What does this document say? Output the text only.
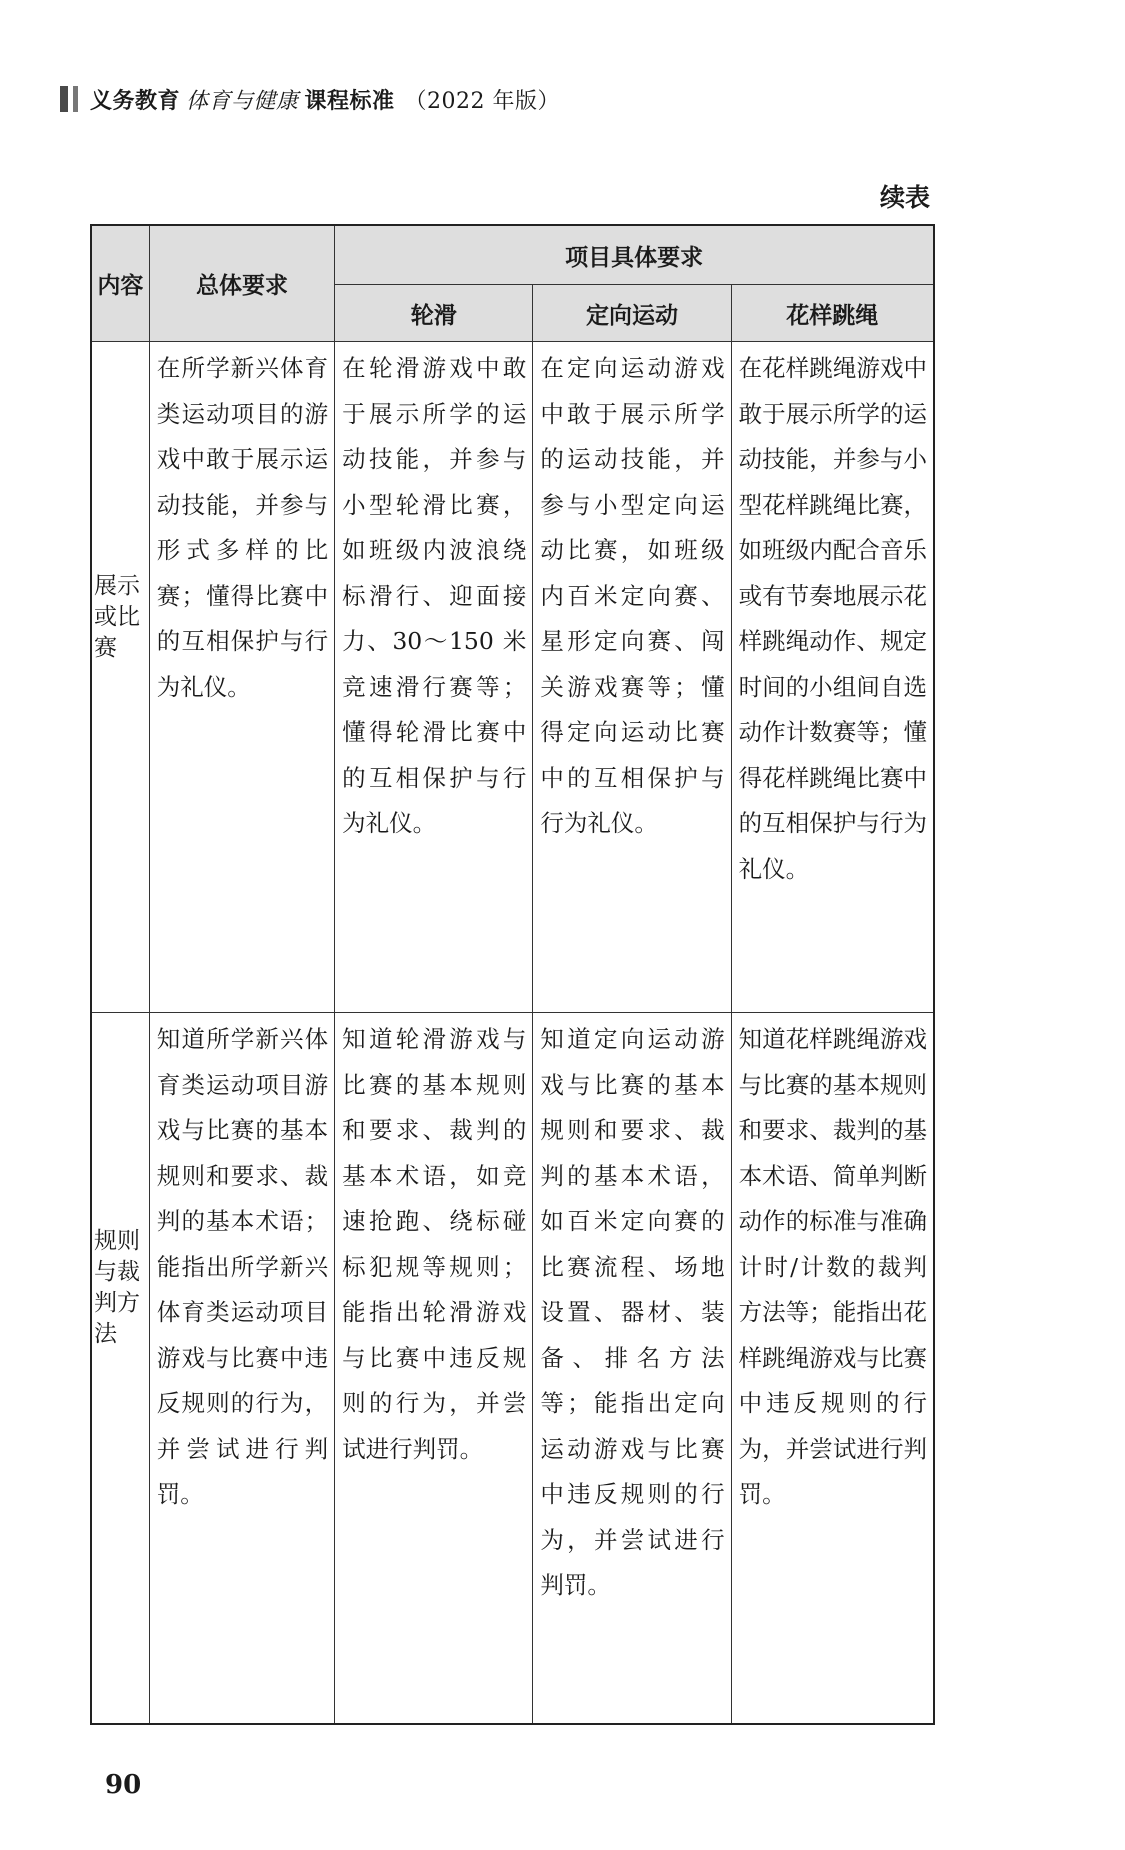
义务教育 体育与健康 课程标准 （2022 年版）
续表
内容	总体要求	项目具体要求		
		轮滑	定向运动	花样跳绳
展示或比赛	在所学新兴体育类运动项目的游戏中敢于展示运动技能，并参与形式多样的比赛；懂得比赛中的互相保护与行为礼仪。	在轮滑游戏中敢于展示所学的运动技能，并参与小型轮滑比赛，如班级内波浪绕标滑行、迎面接力、30～150 米竞速滑行赛等；懂得轮滑比赛中的互相保护与行为礼仪。	在定向运动游戏中敢于展示所学的运动技能，并参与小型定向运动比赛，如班级内百米定向赛、星形定向赛、闯关游戏赛等；懂得定向运动比赛中的互相保护与行为礼仪。	在花样跳绳游戏中敢于展示所学的运动技能，并参与小型花样跳绳比赛，如班级内配合音乐或有节奏地展示花样跳绳动作、规定时间的小组间自选动作计数赛等；懂得花样跳绳比赛中的互相保护与行为礼仪。
规则与裁判方法	知道所学新兴体育类运动项目游戏与比赛的基本规则和要求、裁判的基本术语；能指出所学新兴体育类运动项目游戏与比赛中违反规则的行为，并尝试进行判罚。	知道轮滑游戏与比赛的基本规则和要求、裁判的基本术语，如竞速抢跑、绕标碰标犯规等规则；能指出轮滑游戏与比赛中违反规则的行为，并尝试进行判罚。	知道定向运动游戏与比赛的基本规则和要求、裁判的基本术语，如百米定向赛的比赛流程、场地设置、器材、装备、排名方法等；能指出定向运动游戏与比赛中违反规则的行为，并尝试进行判罚。	知道花样跳绳游戏与比赛的基本规则和要求、裁判的基本术语、简单判断动作的标准与准确计时/计数的裁判方法等；能指出花样跳绳游戏与比赛中违反规则的行为，并尝试进行判罚。
90
